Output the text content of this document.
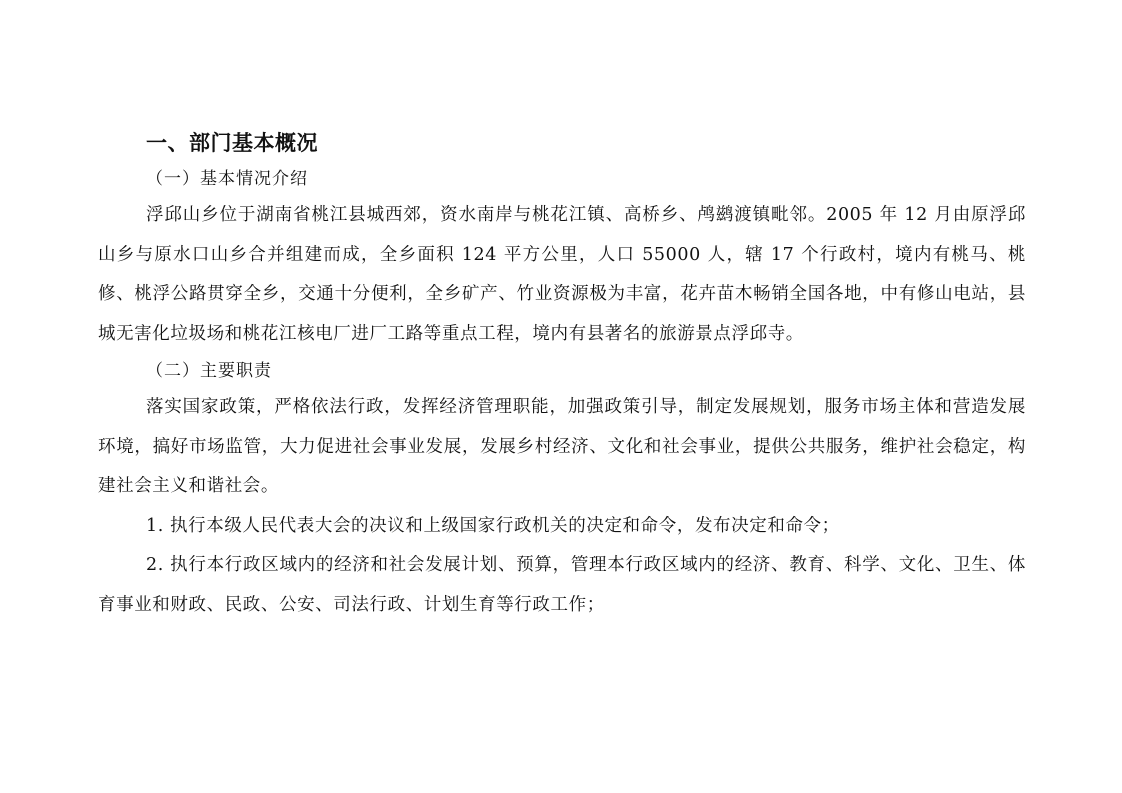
一、部门基本概况
（一）基本情况介绍

浮邱山乡位于湖南省桃江县城西郊，资水南岸与桃花江镇、高桥乡、鸬鹚渡镇毗邻。2005 年 12 月由原浮邱山乡与原水口山乡合并组建而成，全乡面积 124 平方公里，人口 55000 人，辖 17 个行政村，境内有桃马、桃修、桃浮公路贯穿全乡，交通十分便利，全乡矿产、竹业资源极为丰富，花卉苗木畅销全国各地，中有修山电站，县城无害化垃圾场和桃花江核电厂进厂工路等重点工程，境内有县著名的旅游景点浮邱寺。

（二）主要职责

落实国家政策，严格依法行政，发挥经济管理职能，加强政策引导，制定发展规划，服务市场主体和营造发展环境，搞好市场监管，大力促进社会事业发展，发展乡村经济、文化和社会事业，提供公共服务，维护社会稳定，构建社会主义和谐社会。

1. 执行本级人民代表大会的决议和上级国家行政机关的决定和命令，发布决定和命令；

2. 执行本行政区域内的经济和社会发展计划、预算，管理本行政区域内的经济、教育、科学、文化、卫生、体育事业和财政、民政、公安、司法行政、计划生育等行政工作；
